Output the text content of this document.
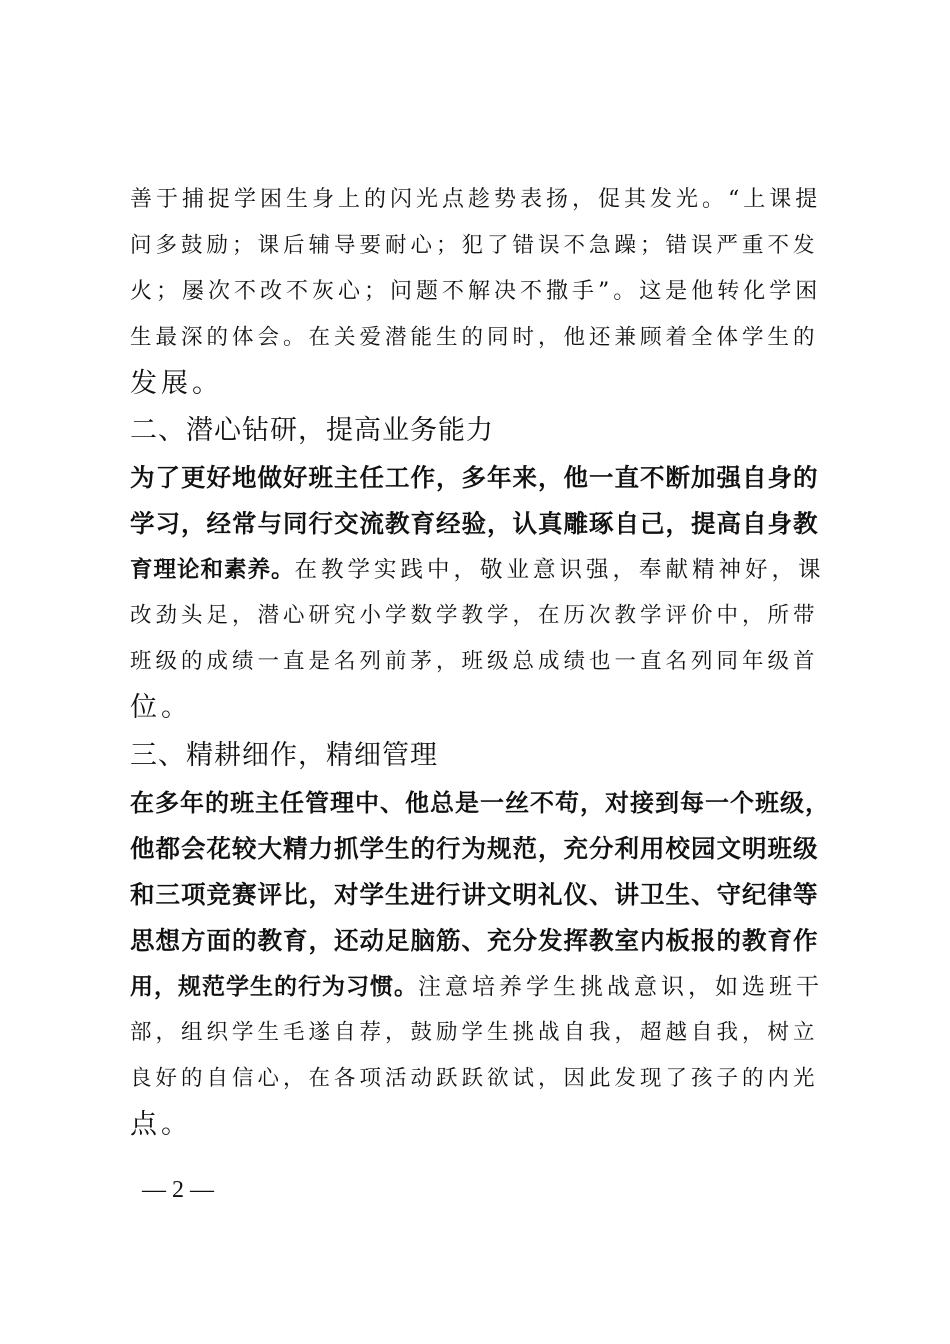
善于捕捉学困生身上的闪光点趁势表扬，促其发光。“上课提
问多鼓励；课后辅导要耐心；犯了错误不急躁；错误严重不发
火；屡次不改不灰心；问题不解决不撒手”。这是他转化学困
生最深的体会。在关爱潜能生的同时，他还兼顾着全体学生的
发展。
二、潜心钻研，提高业务能力
为了更好地做好班主任工作，多年来，他一直不断加强自身的
学习，经常与同行交流教育经验，认真雕琢自己，提高自身教
育理论和素养。在教学实践中，敬业意识强，奉献精神好，课
改劲头足，潜心研究小学数学教学，在历次教学评价中，所带
班级的成绩一直是名列前茅，班级总成绩也一直名列同年级首
位。
三、精耕细作，精细管理
在多年的班主任管理中、他总是一丝不苟，对接到每一个班级，
他都会花较大精力抓学生的行为规范，充分利用校园文明班级
和三项竞赛评比，对学生进行讲文明礼仪、讲卫生、守纪律等
思想方面的教育，还动足脑筋、充分发挥教室内板报的教育作
用，规范学生的行为习惯。注意培养学生挑战意识，如选班干
部，组织学生毛遂自荐，鼓励学生挑战自我，超越自我，树立
良好的自信心，在各项活动跃跃欲试，因此发现了孩子的内光
点。
— 2 —
